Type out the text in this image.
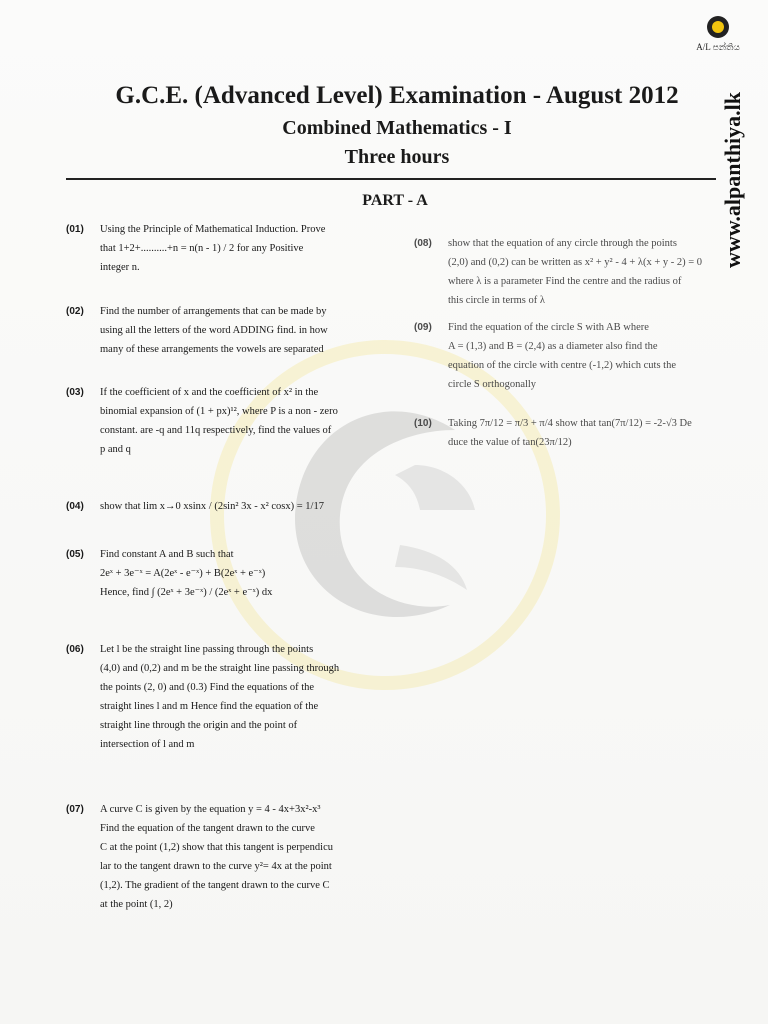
A/L පන්තිය
www.alpanthiya.lk
G.C.E. (Advanced Level) Examination - August 2012
Combined Mathematics - I
Three hours
PART - A
(01) Using the Principle of Mathematical Induction. Prove
that 1+2+..........+n = n(n - 1) / 2 for any Positive
integer n.
(02) Find the number of arrangements that can be made by
using all the letters of the word ADDING find. in how
many of these arrangements the vowels are separated
(03) If the coefficient of x and the coefficient of x² in the
binomial expansion of (1 + px)¹², where P is a non - zero
constant. are -q and 11q respectively, find the values of
p and q
(04) show that lim x→0 xsinx / (2sin² 3x - x² cosx) = 1/17
(05) Find constant A and B such that
2eˣ + 3e⁻ˣ = A(2eˣ - e⁻ˣ) + B(2eˣ + e⁻ˣ)
Hence, find ∫ (2eˣ + 3e⁻ˣ) / (2eˣ + e⁻ˣ) dx
(06) Let l be the straight line passing through the points
(4,0) and (0,2) and m be the straight line passing through
the points (2, 0) and (0.3) Find the equations of the
straight lines l and m Hence find the equation of the
straight line through the origin and the point of
intersection of l and m
(07) A curve C is given by the equation y = 4 - 4x+3x²-x³
Find the equation of the tangent drawn to the curve
C at the point (1,2) show that this tangent is perpendicu
lar to the tangent drawn to the curve y²= 4x at the point
(1,2). The gradient of the tangent drawn to the curve C
at the point (1, 2)
(08) show that the equation of any circle through the points
(2,0) and (0,2) can be written as x² + y² - 4 + λ(x + y - 2) = 0
where λ is a parameter Find the centre and the radius of
this circle in terms of λ
(09) Find the equation of the circle S with AB where
A = (1,3) and B = (2,4) as a diameter also find the
equation of the circle with centre (-1,2) which cuts the
circle S orthogonally
(10) Taking 7π/12 = π/3 + π/4 show that tan(7π/12) = -2-√3 De
duce the value of tan(23π/12)
